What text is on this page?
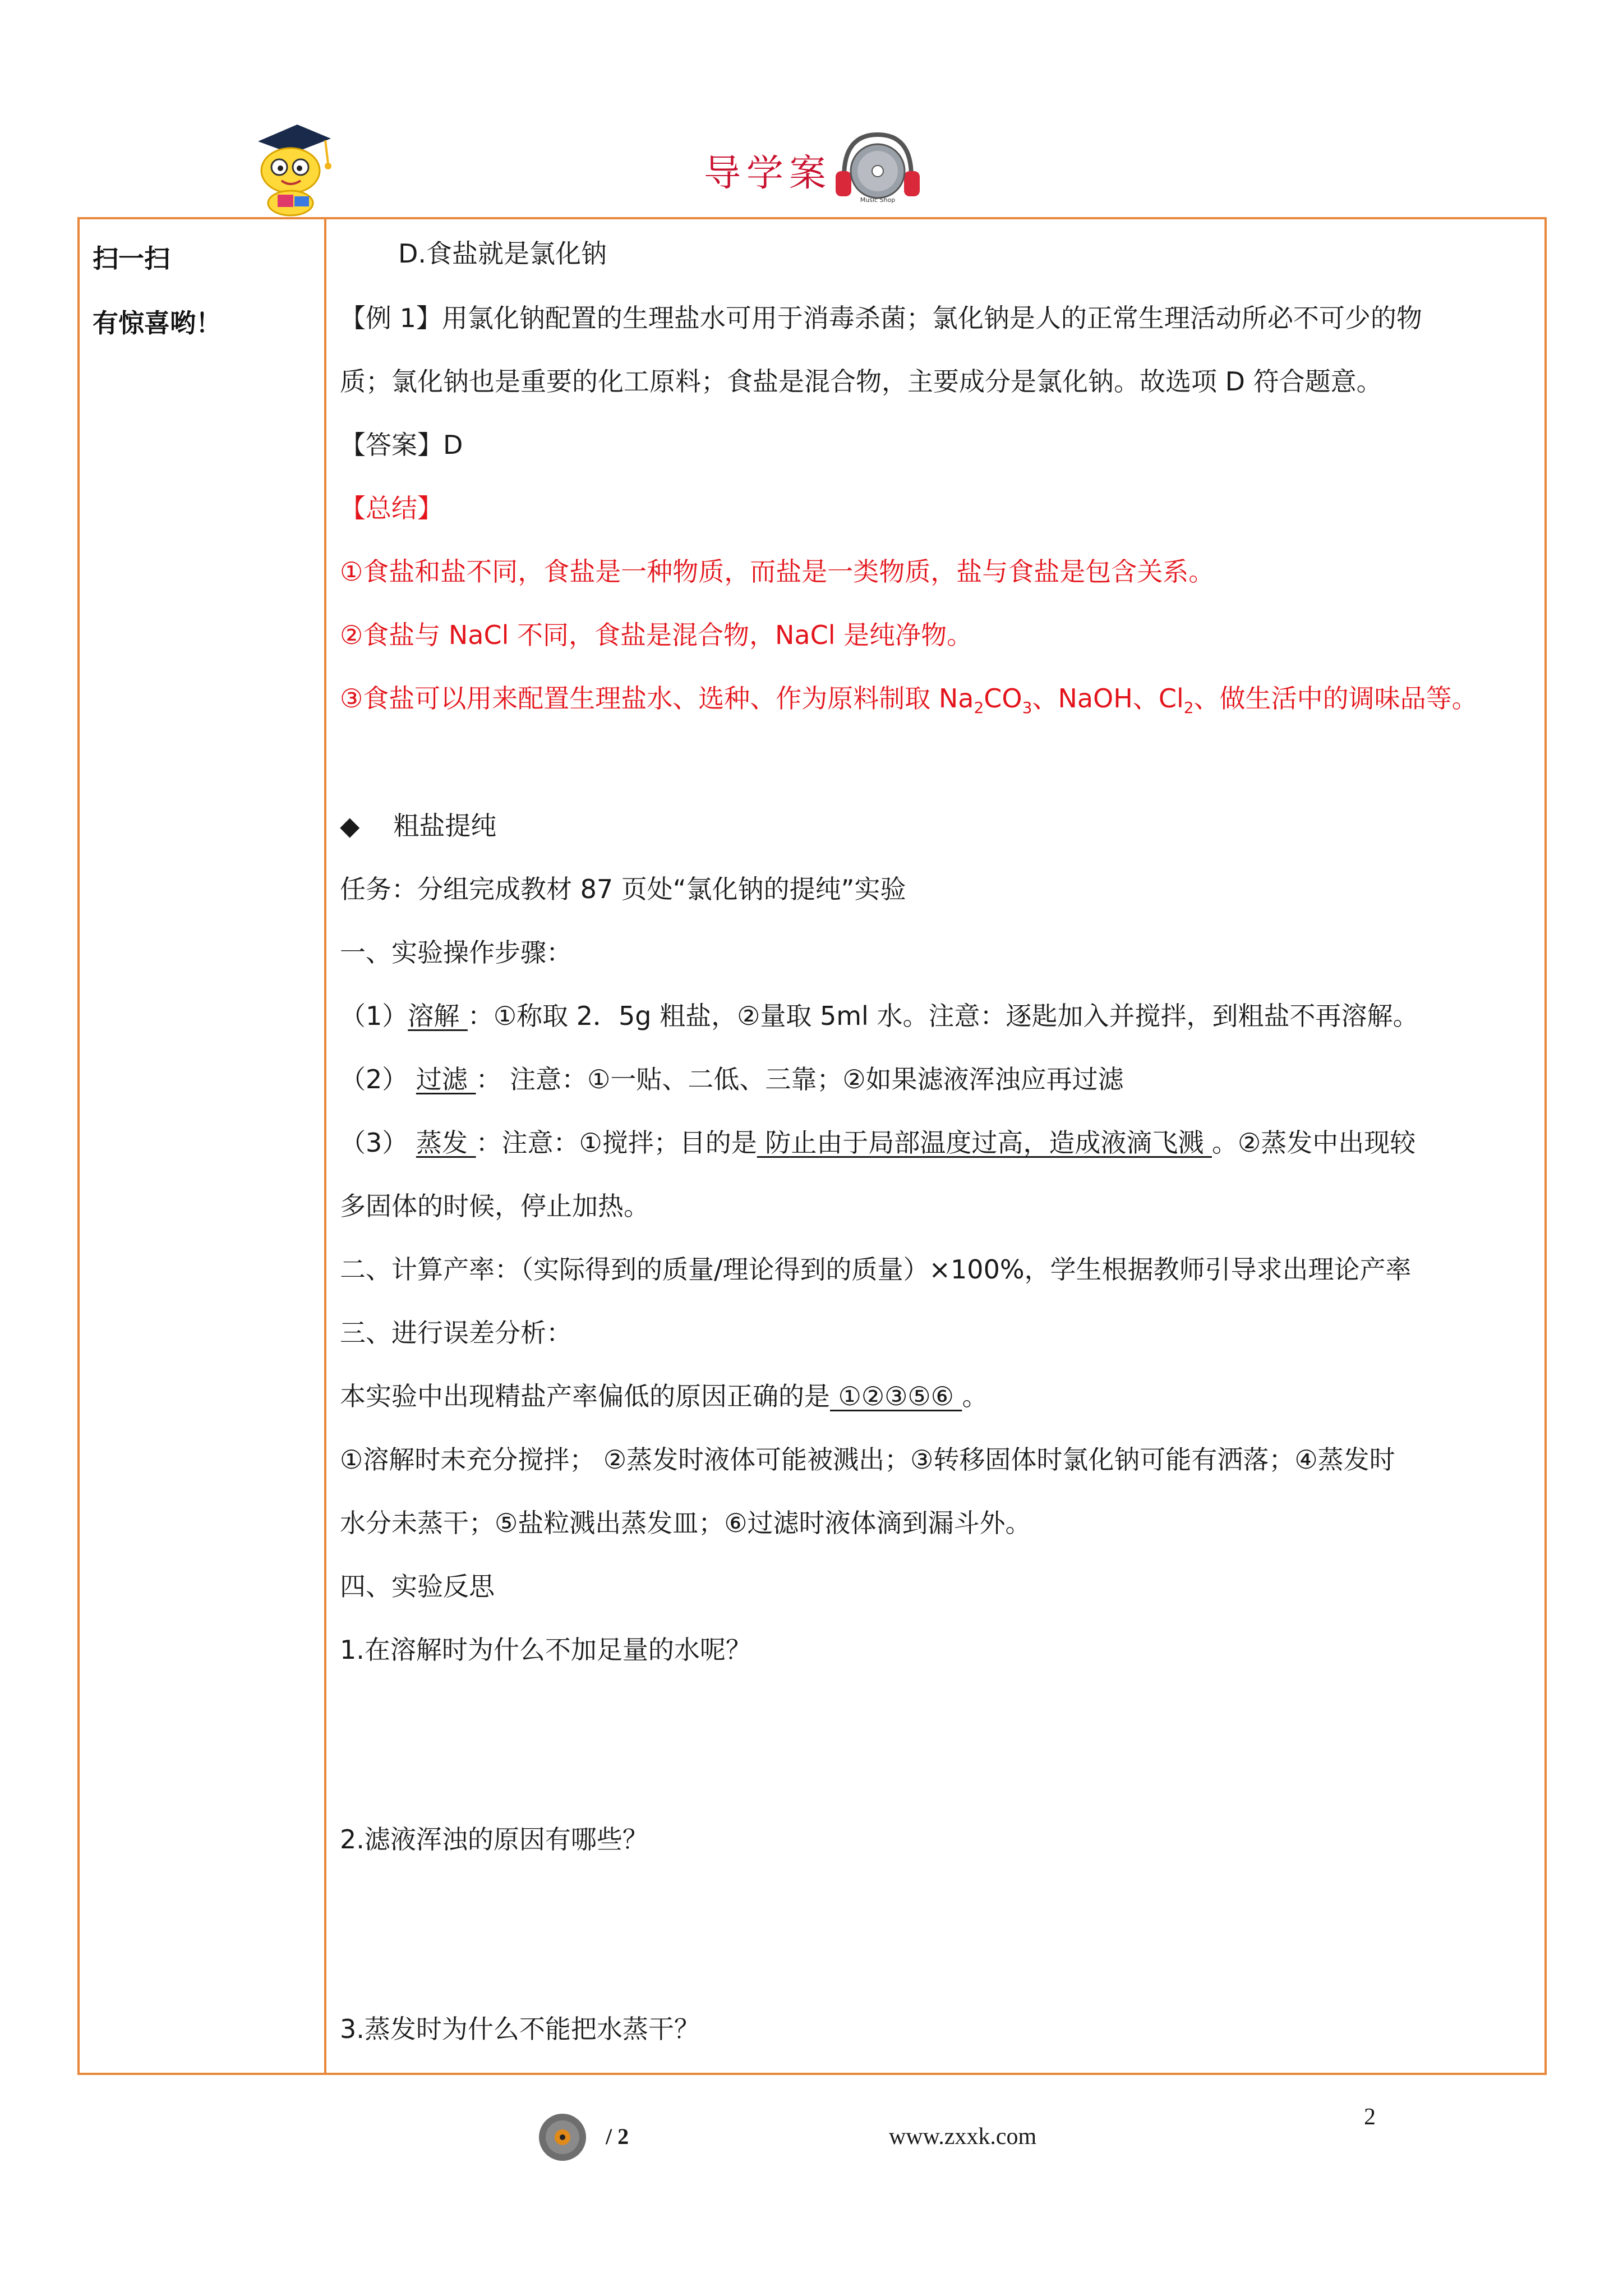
导学案
Music Shop
扫一扫
有惊喜哟！
D.食盐就是氯化钠
【例 1】用氯化钠配置的生理盐水可用于消毒杀菌；氯化钠是人的正常生理活动所必不可少的物
质；氯化钠也是重要的化工原料；食盐是混合物，主要成分是氯化钠。故选项 D 符合题意。
【答案】D
【总结】
①食盐和盐不同，食盐是一种物质，而盐是一类物质，盐与食盐是包含关系。
②食盐与 NaCl 不同，食盐是混合物，NaCl 是纯净物。
③食盐可以用来配置生理盐水、选种、作为原料制取 $Na_2CO_3$、NaOH、$Cl_2$、做生活中的调味品等。
◆ 粗盐提纯
任务：分组完成教材 87 页处“氯化钠的提纯”实验
一、实验操作步骤：
（1）溶解 ：①称取 2．5g 粗盐，②量取 5ml 水。注意：逐匙加入并搅拌，到粗盐不再溶解。
（2） 过滤 ： 注意：①一贴、二低、三靠；②如果滤液浑浊应再过滤
（3） 蒸发 ：注意：①搅拌；目的是 防止由于局部温度过高，造成液滴飞溅 。②蒸发中出现较
多固体的时候，停止加热。
二、计算产率：（实际得到的质量/理论得到的质量）×100%，学生根据教师引导求出理论产率
三、进行误差分析：
本实验中出现精盐产率偏低的原因正确的是 ①②③⑤⑥ 。
①溶解时未充分搅拌； ②蒸发时液体可能被溅出；③转移固体时氯化钠可能有洒落；④蒸发时
水分未蒸干；⑤盐粒溅出蒸发皿；⑥过滤时液体滴到漏斗外。
四、实验反思
1.在溶解时为什么不加足量的水呢？
2.滤液浑浊的原因有哪些？
3.蒸发时为什么不能把水蒸干？
/ 2	www.zxxk.com
2
